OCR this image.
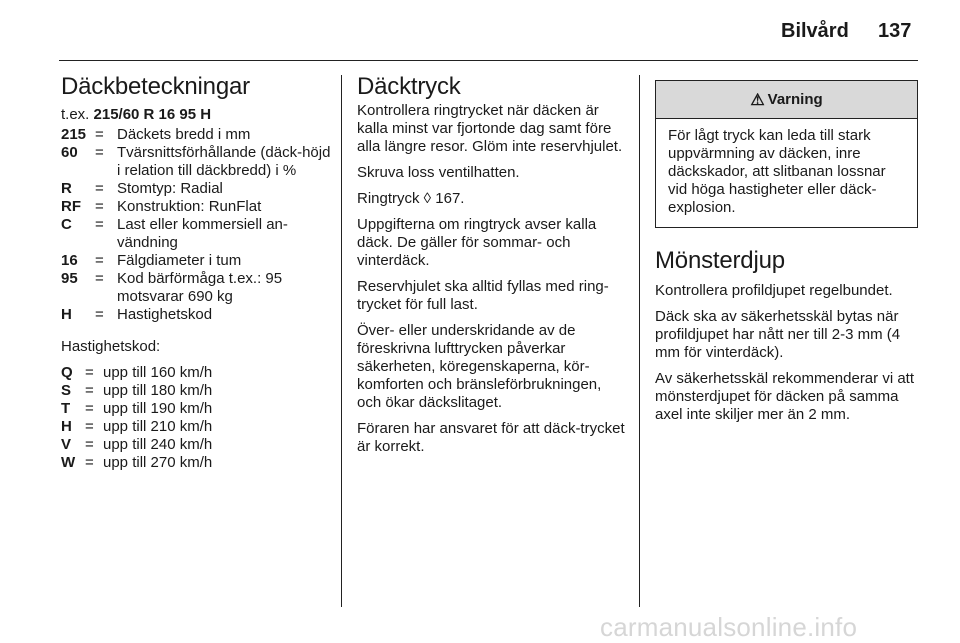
Bilvård 137
Däckbeteckningar
t.ex. 215/60 R 16 95 H
215 = Däckets bredd i mm
60	= Tvärsnittsförhållande (däck-höjd i relation till däckbredd) i %
R	= Stomtyp: Radial
RF = Konstruktion: RunFlat
C	= Last eller kommersiell an-vändning
16	= Fälgdiameter i tum
95	= Kod bärförmåga t.ex.: 95 motsvarar 690 kg
H	= Hastighetskod

Hastighetskod:

Q = upp till 160 km/h
S = upp till 180 km/h
T = upp till 190 km/h
H = upp till 210 km/h
V = upp till 240 km/h
W = upp till 270 km/h
Däcktryck

Kontrollera ringtrycket när däcken är kalla minst var fjortonde dag samt före alla längre resor. Glöm inte reservhjulet.

Skruva loss ventilhatten.

Ringtryck ◊ 167.

Uppgifterna om ringtryck avser kalla däck. De gäller för sommar- och vinterdäck.

Reservhjulet ska alltid fyllas med ring-trycket för full last.

Över- eller underskridande av de föreskrivna lufttrycken påverkar säkerheten, köregenskaperna, kör-komforten och bränsleförbrukningen, och ökar däckslitaget.

Föraren har ansvaret för att däck-trycket är korrekt.

⚠ Varning
För lågt tryck kan leda till stark uppvärmning av däcken, inre däckskador, att slitbanan lossnar vid höga hastigheter eller däck-explosion.
Mönsterdjup

Kontrollera profildjupet regelbundet.

Däck ska av säkerhetsskäl bytas när profildjupet har nått ner till 2-3 mm (4 mm för vinterdäck).

Av säkerhetsskäl rekommenderar vi att mönsterdjupet för däcken på samma axel inte skiljer mer än 2 mm.

carmanualsonline.info
